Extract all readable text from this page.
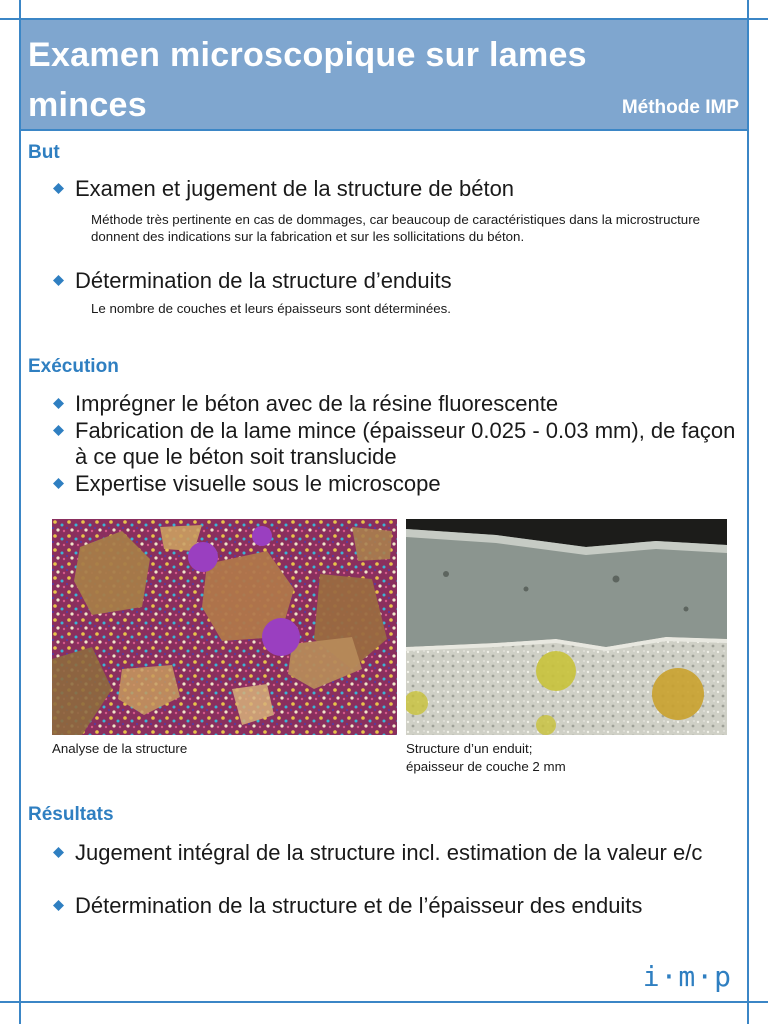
Examen microscopique sur lames minces	Méthode IMP
But
Examen et jugement de la structure de béton
Méthode très pertinente en cas de dommages, car beaucoup de caractéristiques dans la microstructure donnent des indications sur la fabrication et sur les sollicitations du béton.
Détermination de la structure d’enduits
Le nombre de couches et leurs épaisseurs sont déterminées.
Exécution
Imprégner le béton avec de la résine fluorescente
Fabrication de la lame mince (épaisseur 0.025 - 0.03 mm), de façon à ce que le béton soit translucide
Expertise visuelle sous le microscope
Analyse de la structure	Structure d’un enduit;
épaisseur de couche 2 mm
Résultats
Jugement intégral de la structure incl. estimation de la valeur e/c
Détermination de la structure et de l’épaisseur des enduits
i·m·p
